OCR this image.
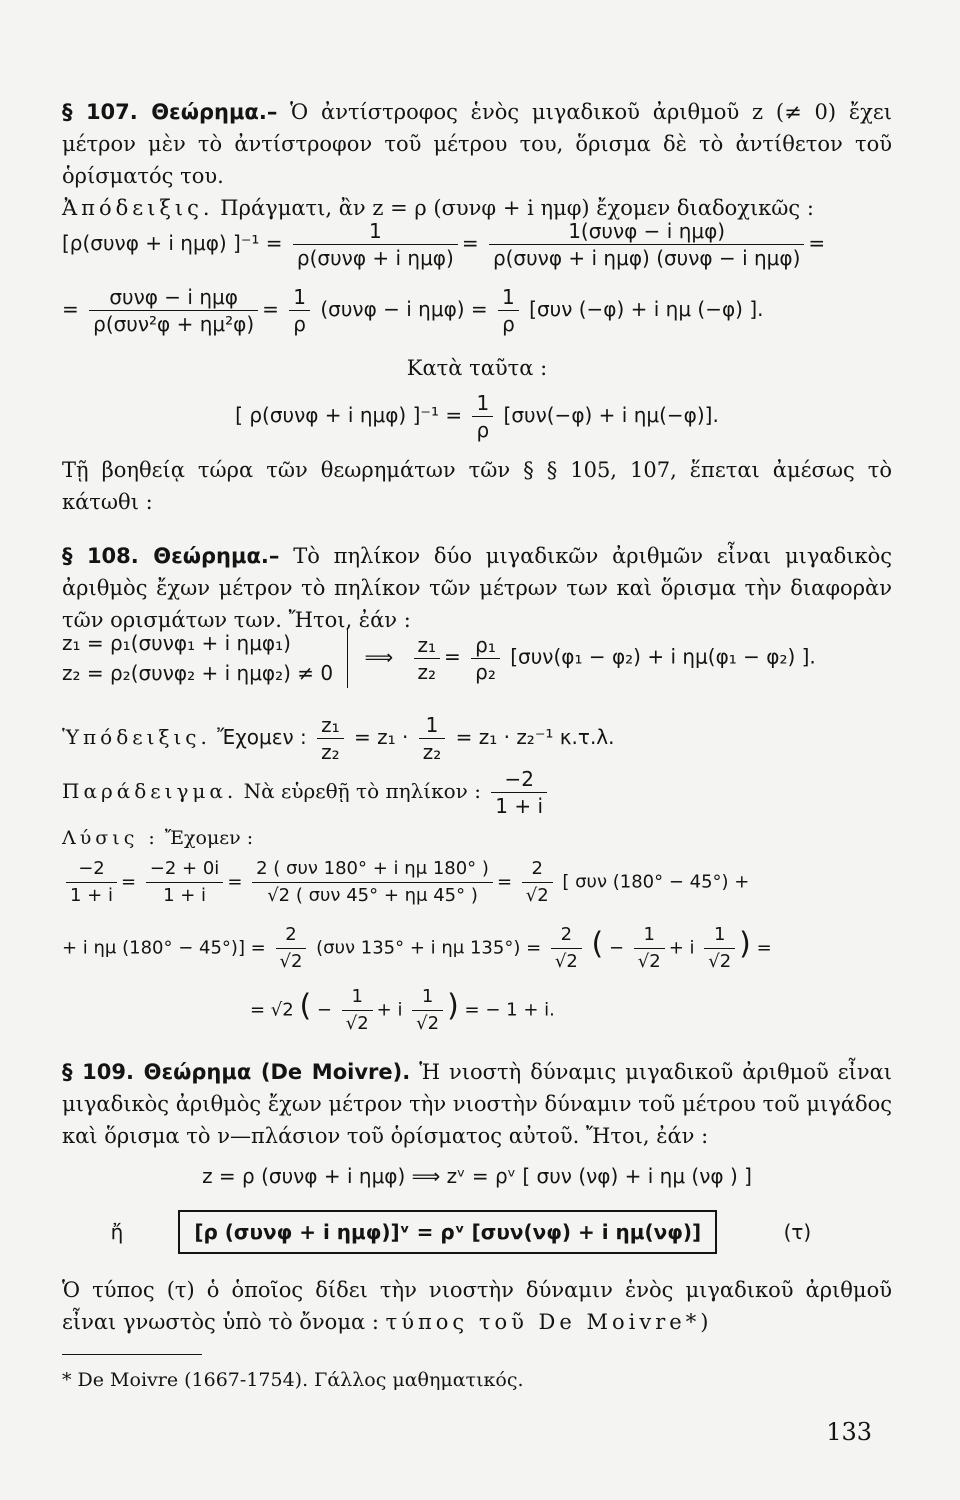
§ 107. Θεώρημα.– Ὁ ἀντίστροφος ἑνὸς μιγαδικοῦ ἀριθμοῦ z (≠ 0) ἔχει μέτρον μὲν τὸ ἀντίστροφον τοῦ μέτρου του, ὅρισμα δὲ τὸ ἀντίθετον τοῦ ὁρίσματός του.

Ἀπόδειξις. Πράγματι, ἂν z = ρ (συνφ + i ημφ) ἔχομεν διαδοχικῶς :

[ρ(συνφ + i ημφ) ]$^{-1} = \frac{1}{\text{ρ(συνφ + i ημφ)}} = \frac{\text{1(συνφ − i ημφ)}}{\text{ρ(συνφ + i ημφ) (συνφ − i ημφ)}}$ =
= $\frac{\text{συνφ − i ημφ}}{\text{ρ(συν²φ + ημ²φ)}} = \frac{1}{\rho} (\sigma\upsilon\nu\varphi - i$ $\eta\mu\varphi) = \frac{1}{\rho} [\sigma\upsilon\nu$ (−φ) + i ημ (−φ) ].
Κατὰ ταῦτα :
[ ρ(συνφ + i ημφ) ]$^{-1} = \frac{1}{\rho} [\sigma\upsilon\nu(-\varphi) + i$ ημ(−φ)].

Τῇ βοηθείᾳ τώρα τῶν θεωρημάτων τῶν § § 105, 107, ἕπεται ἀμέσως τὸ κάτωθι :

§ 108. Θεώρημα.– Τὸ πηλίκον δύο μιγαδικῶν ἀριθμῶν εἶναι μιγαδικὸς ἀριθμὸς ἔχων μέτρον τὸ πηλίκον τῶν μέτρων των καὶ ὅρισμα τὴν διαφορὰν τῶν ορισμάτων των. Ἤτοι, ἐάν :

z₁ = ρ₁(συνφ₁ + i ημφ₁)
z₂ = ρ₂(συνφ₂ + i ημφ₂) ≠ 0
⟹ $\frac{\text{z₁}}{\text{z₂}} = \frac{\text{ρ₁}}{\text{ρ₂}} [\sigma\upsilon\nu(\varphi_1 - \varphi_2) + i$ ημ(φ₁ − φ₂) ].
Ὑπόδειξις. Ἔχομεν : $\frac{\text{z₁}}{\text{z₂}} = z_1 \cdot \frac{1}{\text{z₂}} = z_1 \cdot z_2^{-1}$ κ.τ.λ.
Παράδειγμα. Νὰ εὑρεθῇ τὸ πηλίκον : $\frac{-2}{1 + i}$
Λύσις : Ἔχομεν :
$\frac{-2}{1 + i} = \frac{-2 + 0i}{1 + i} = \frac{\text{2 ( συν 180° + i ημ 180° )}}{\text{√2 ( συν 45° + ημ 45° )}} = \frac{2}{√2}$ [ συν (180° − 45°) +
+ i ημ $(180^\circ - 45^\circ)] = \frac{2}{√2} (\sigma\upsilon\nu$ 135° + i ημ $135^\circ) = \frac{2}{√2}$ ( − $\frac{1}{√2} + i \frac{1}{√2}$ ) =
= √2 ( − $\frac{1}{√2} + i \frac{1}{√2}$ ) = − 1 + i.

§ 109. Θεώρημα (De Moivre). Ἡ νιοστὴ δύναμις μιγαδικοῦ ἀριθμοῦ εἶναι μιγαδικὸς ἀριθμὸς ἔχων μέτρον τὴν νιοστὴν δύναμιν τοῦ μέτρου τοῦ μιγάδος καὶ ὅρισμα τὸ ν—πλάσιον τοῦ ὁρίσματος αὐτοῦ. Ἤτοι, ἐάν :

z = ρ (συνφ + i ημφ) ⟹ zᵛ = ρᵛ [ συν (νφ) + i ημ (νφ ) ]
ἤ	[ρ (συνφ + i ημφ)]ᵛ = ρᵛ [συν(νφ) + i ημ(νφ)]	(τ)

Ὁ τύπος (τ) ὁ ὁποῖος δίδει τὴν νιοστὴν δύναμιν ἑνὸς μιγαδικοῦ ἀριθμοῦ εἶναι γνωστὸς ὑπὸ τὸ ὄνομα : τύπος τοῦ De Moivre*)

* De Moivre (1667-1754). Γάλλος μαθηματικός.
133
